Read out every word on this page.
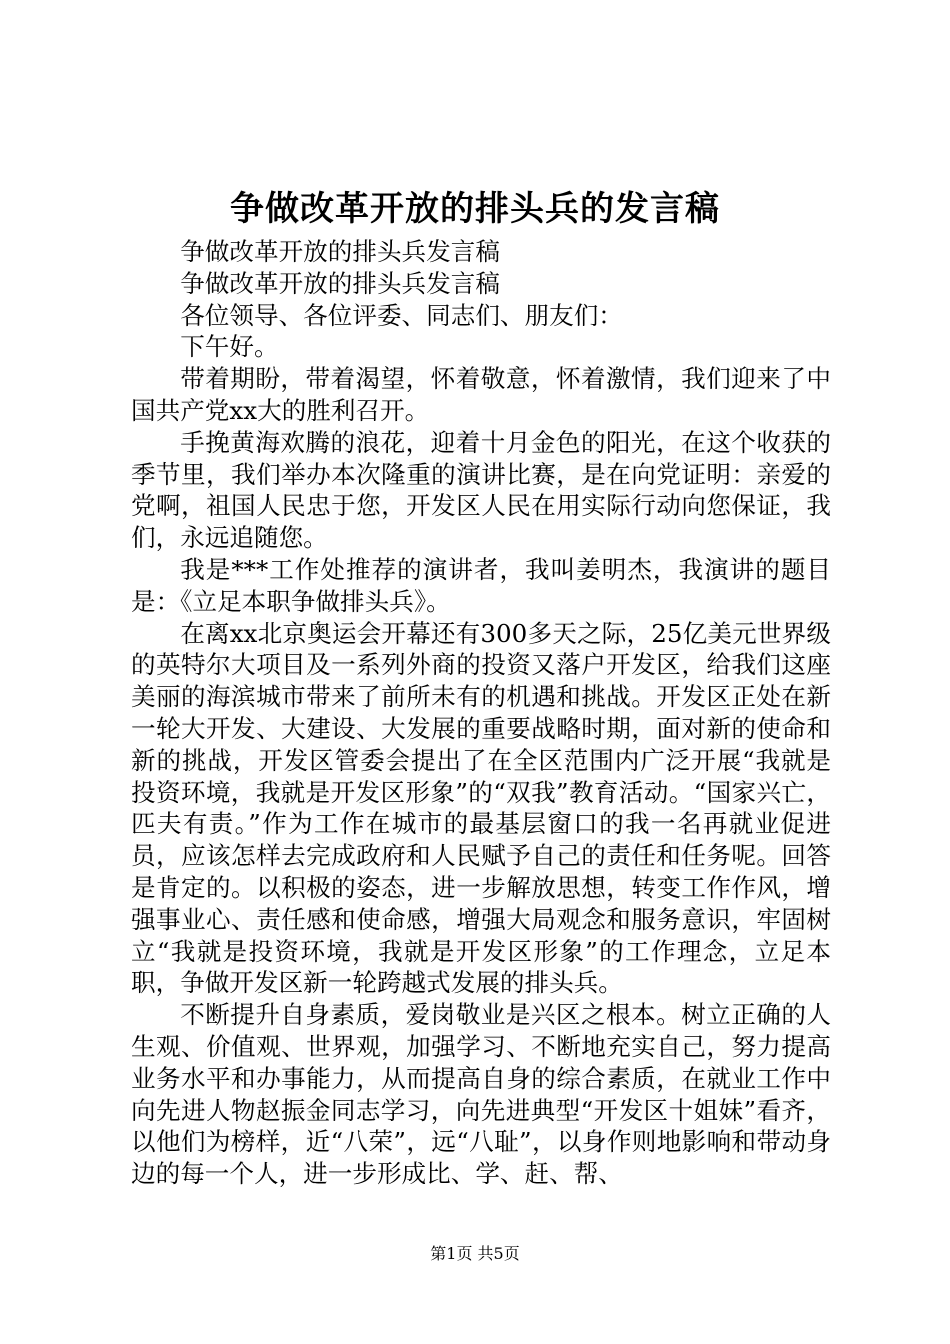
争做改革开放的排头兵的发言稿

争做改革开放的排头兵发言稿

争做改革开放的排头兵发言稿

各位领导、各位评委、同志们、朋友们：

下午好。

带着期盼，带着渴望，怀着敬意，怀着激情，我们迎来了中国共产党xx大的胜利召开。

手挽黄海欢腾的浪花，迎着十月金色的阳光，在这个收获的季节里，我们举办本次隆重的演讲比赛，是在向党证明：亲爱的党啊，祖国人民忠于您，开发区人民在用实际行动向您保证，我们，永远追随您。

我是***工作处推荐的演讲者，我叫姜明杰，我演讲的题目是：《立足本职争做排头兵》。

在离xx北京奥运会开幕还有300多天之际，25亿美元世界级的英特尔大项目及一系列外商的投资又落户开发区，给我们这座美丽的海滨城市带来了前所未有的机遇和挑战。开发区正处在新一轮大开发、大建设、大发展的重要战略时期，面对新的使命和新的挑战，开发区管委会提出了在全区范围内广泛开展“我就是投资环境，我就是开发区形象”的“双我”教育活动。“国家兴亡，匹夫有责。”作为工作在城市的最基层窗口的我一名再就业促进员，应该怎样去完成政府和人民赋予自己的责任和任务呢。回答是肯定的。以积极的姿态，进一步解放思想，转变工作作风，增强事业心、责任感和使命感，增强大局观念和服务意识，牢固树立“我就是投资环境，我就是开发区形象”的工作理念，立足本职，争做开发区新一轮跨越式发展的排头兵。

不断提升自身素质，爱岗敬业是兴区之根本。树立正确的人生观、价值观、世界观，加强学习、不断地充实自己，努力提高业务水平和办事能力，从而提高自身的综合素质，在就业工作中向先进人物赵振金同志学习，向先进典型“开发区十姐妹”看齐，以他们为榜样，近“八荣”，远“八耻”，以身作则地影响和带动身边的每一个人，进一步形成比、学、赶、帮、

第1页 共5页
